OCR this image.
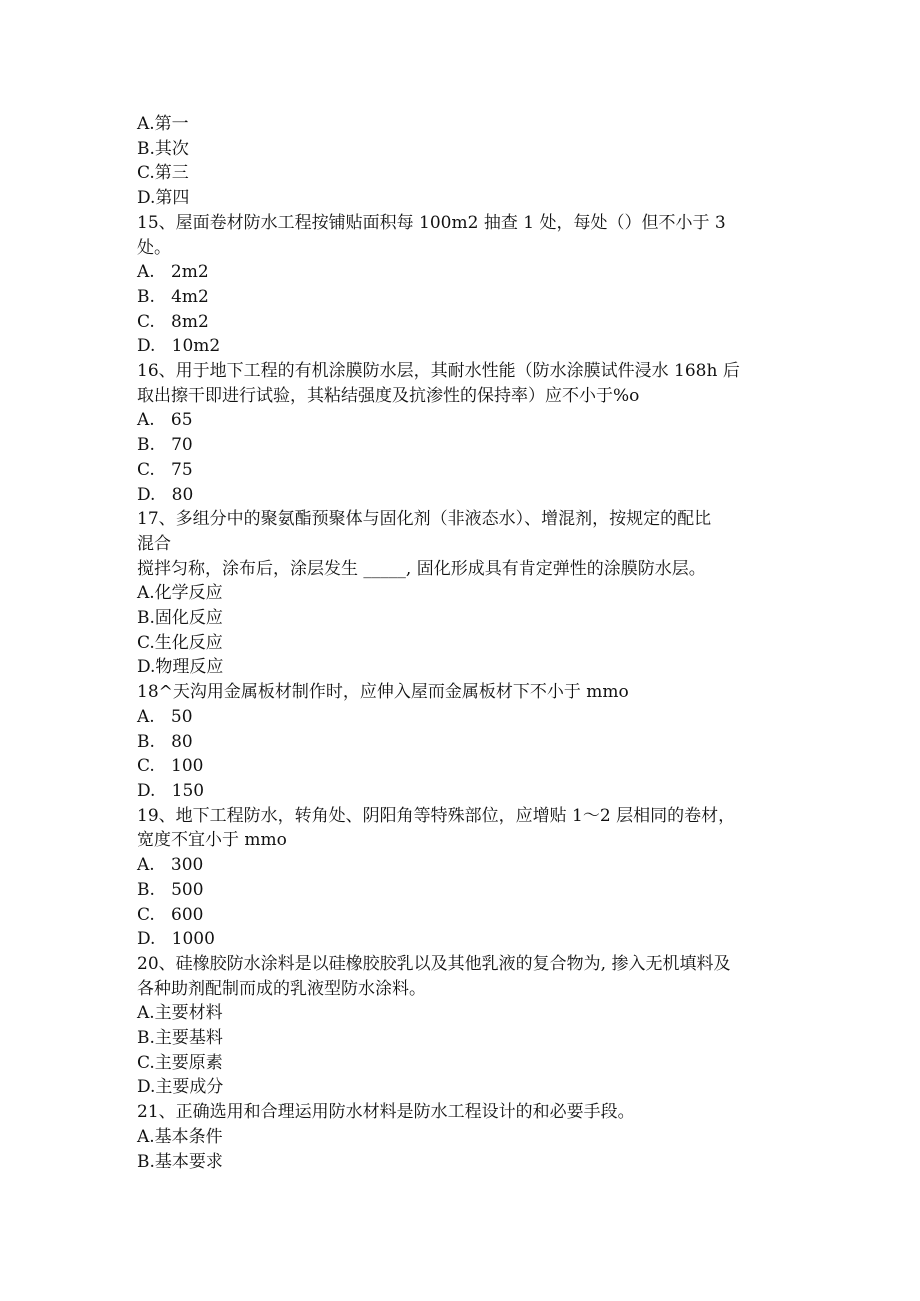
A.第一

B.其次

C.第三

D.第四

15、屋面卷材防水工程按铺贴面积每 100m2 抽查 1 处，每处（）但不小于 3

处。

A.   2m2

B.   4m2

C.   8m2

D.   10m2

16、用于地下工程的有机涂膜防水层，其耐水性能（防水涂膜试件浸水 168h 后

取出擦干即进行试验，其粘结强度及抗渗性的保持率）应不小于%o

A.   65

B.   70

C.   75

D.   80

17、多组分中的聚氨酯预聚体与固化剂（非液态水）、增混剂，按规定的配比

混合

搅拌匀称，涂布后，涂层发生 _____, 固化形成具有肯定弹性的涂膜防水层。

A.化学反应

B.固化反应

C.生化反应

D.物理反应

18^天沟用金属板材制作时，应伸入屋而金属板材下不小于 mmo

A.   50

B.   80

C.   100

D.   150

19、地下工程防水，转角处、阴阳角等特殊部位，应增贴 1～2 层相同的卷材，

宽度不宜小于 mmo

A.   300

B.   500

C.   600

D.   1000

20、硅橡胶防水涂料是以硅橡胶胶乳以及其他乳液的复合物为, 掺入无机填料及

各种助剂配制而成的乳液型防水涂料。

A.主要材料

B.主要基料

C.主要原素

D.主要成分

21、正确选用和合理运用防水材料是防水工程设计的和必要手段。

A.基本条件

B.基本要求
